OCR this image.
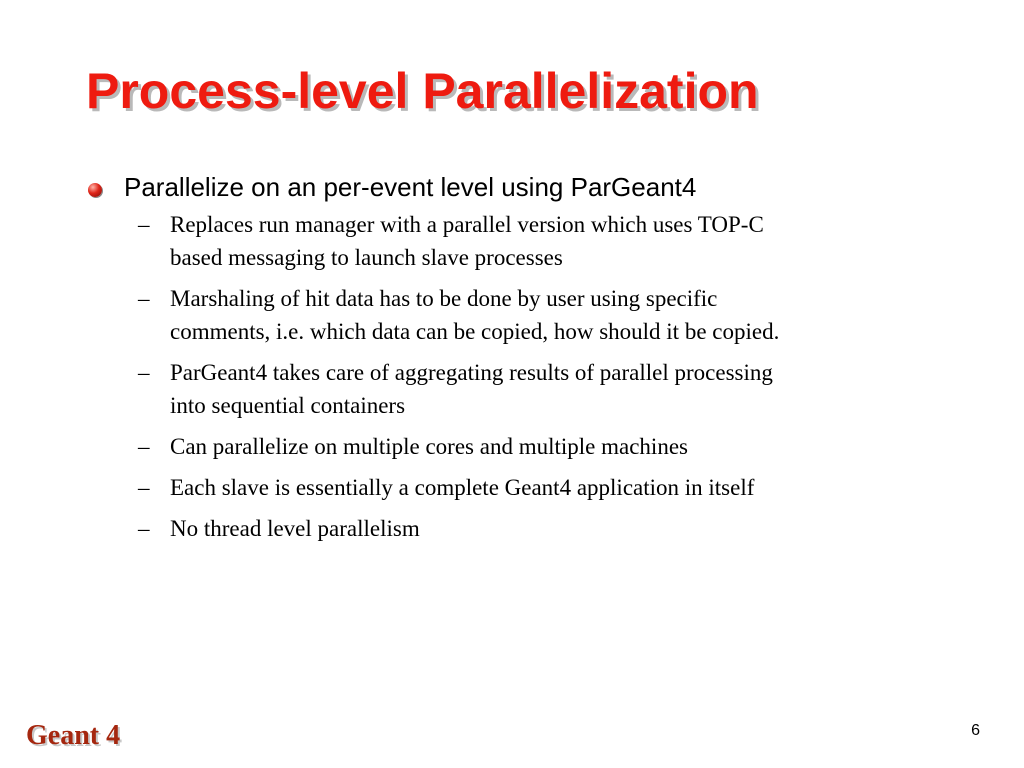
Process-level Parallelization
Parallelize on an per-event level using ParGeant4
– Replaces run manager with a parallel version which uses TOP-C
based messaging to launch slave processes
– Marshaling of hit data has to be done by user using specific
comments, i.e. which data can be copied, how should it be copied.
– ParGeant4 takes care of aggregating results of parallel processing
into sequential containers
– Can parallelize on multiple cores and multiple machines
– Each slave is essentially a complete Geant4 application in itself
– No thread level parallelism
Geant 4	6
